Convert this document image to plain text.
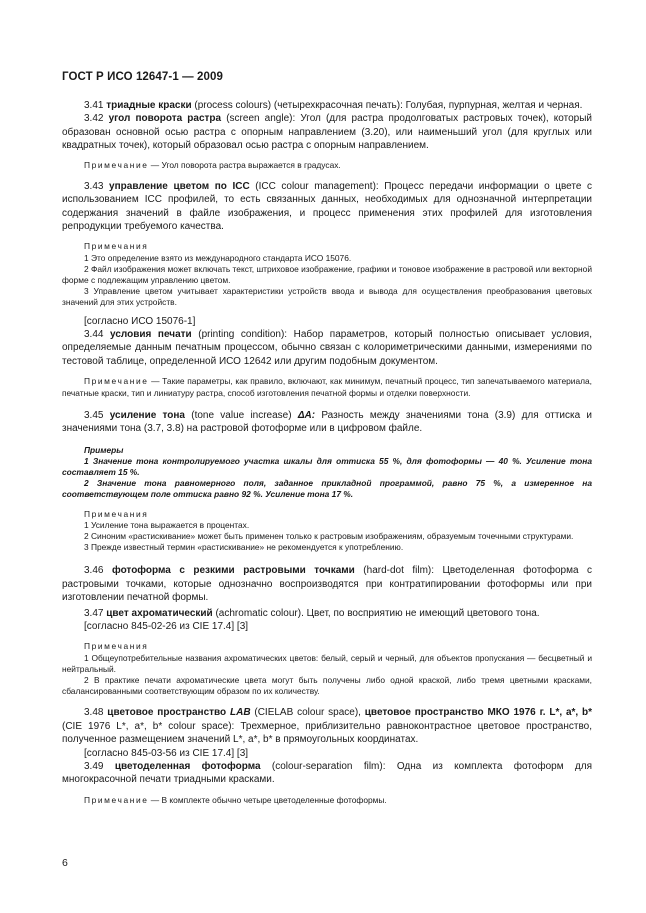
ГОСТ Р ИСО 12647-1 — 2009

3.41 триадные краски (process colours) (четырехкрасочная печать): Голубая, пурпурная, желтая и черная.

3.42 угол поворота растра (screen angle): Угол (для растра продолговатых растровых точек), который образован основной осью растра с опорным направлением (3.20), или наименьший угол (для круглых или квадратных точек), который образовал осью растра с опорным направлением.

Примечание — Угол поворота растра выражается в градусах.

3.43 управление цветом по ICC (ICC colour management): Процесс передачи информации о цвете с использованием ICC профилей, то есть связанных данных, необходимых для однозначной интерпретации содержания значений в файле изображения, и процесс применения этих профилей для изготовления репродукции требуемого качества.

Примечания

1 Это определение взято из международного стандарта ИСО 15076.

2 Файл изображения может включать текст, штриховое изображение, графики и тоновое изображение в растровой или векторной форме с подлежащим управлению цветом.

3 Управление цветом учитывает характеристики устройств ввода и вывода для осуществления преобразования цветовых значений для этих устройств.

[согласно ИСО 15076-1]

3.44 условия печати (printing condition): Набор параметров, который полностью описывает условия, определяемые данным печатным процессом, обычно связан с колориметрическими данными, измерениями по тестовой таблице, определенной ИСО 12642 или другим подобным документом.

Примечание — Такие параметры, как правило, включают, как минимум, печатный процесс, тип запечатываемого материала, печатные краски, тип и линиатуру растра, способ изготовления печатной формы и отделки поверхности.

3.45 усиление тона (tone value increase) ΔA: Разность между значениями тона (3.9) для оттиска и значениями тона (3.7, 3.8) на растровой фотоформе или в цифровом файле.

Примеры

1 Значение тона контролируемого участка шкалы для оттиска 55 %, для фотоформы — 40 %. Усиление тона составляет 15 %.

2 Значение тона равномерного поля, заданное прикладной программой, равно 75 %, а измеренное на соответствующем поле оттиска равно 92 %. Усиление тона 17 %.

Примечания

1 Усиление тона выражается в процентах.

2 Синоним «растискивание» может быть применен только к растровым изображениям, образуемым точечными структурами.

3 Прежде известный термин «растискивание» не рекомендуется к употреблению.

3.46 фотоформа с резкими растровыми точками (hard-dot film): Цветоделенная фотоформа с растровыми точками, которые однозначно воспроизводятся при контратипировании фотоформы или при изготовлении печатной формы.

3.47 цвет ахроматический (achromatic colour). Цвет, по восприятию не имеющий цветового тона.

[согласно 845-02-26 из CIE 17.4] [3]

Примечания

1 Общеупотребительные названия ахроматических цветов: белый, серый и черный, для объектов пропускания — бесцветный и нейтральный.

2 В практике печати ахроматические цвета могут быть получены либо одной краской, либо тремя цветными красками, сбалансированными соответствующим образом по их количеству.

3.48 цветовое пространство LAB (CIELAB colour space), цветовое пространство МКО 1976 г. L*, a*, b* (CIE 1976 L*, a*, b* colour space): Трехмерное, приблизительно равноконтрастное цветовое пространство, полученное размещением значений L*, a*, b* в прямоугольных координатах.

[согласно 845-03-56 из CIE 17.4] [3]

3.49 цветоделенная фотоформа (colour-separation film): Одна из комплекта фотоформ для многокрасочной печати триадными красками.

Примечание — В комплекте обычно четыре цветоделенные фотоформы.

6
